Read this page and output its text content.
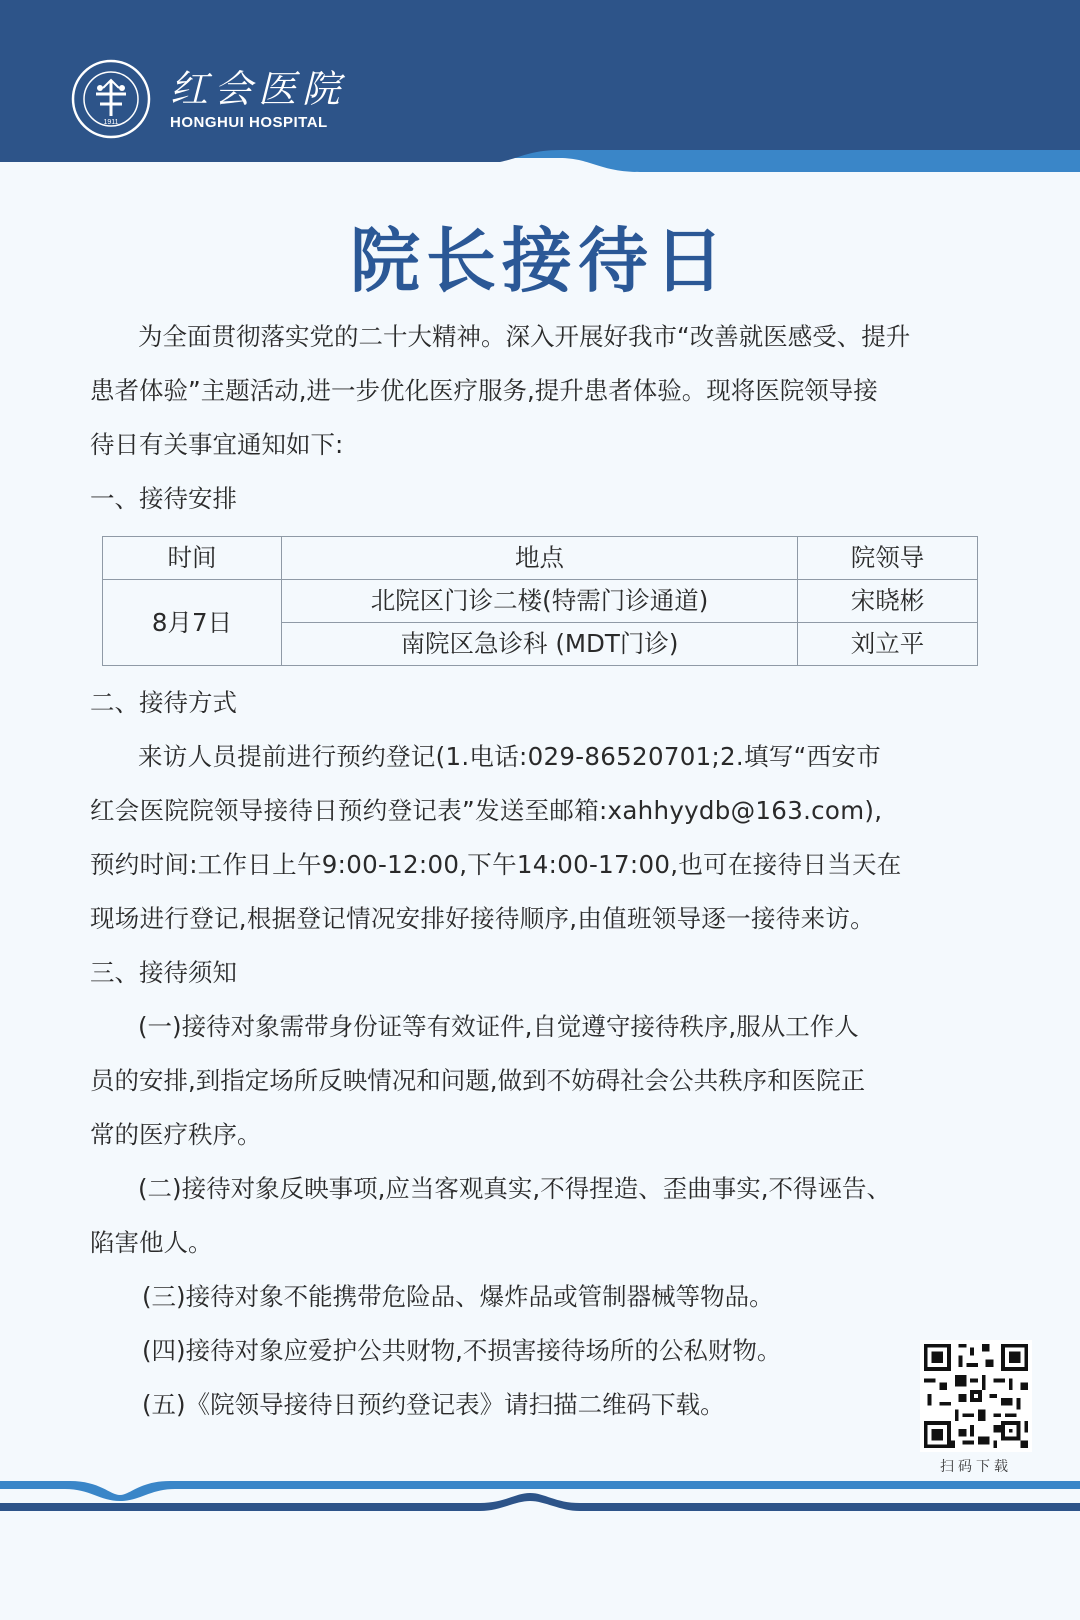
1911
红会医院
HONGHUI HOSPITAL
院长接待日

为全面贯彻落实党的二十大精神。深入开展好我市“改善就医感受、提升
患者体验”主题活动,进一步优化医疗服务,提升患者体验。现将医院领导接
待日有关事宜通知如下:

一、接待安排

时间	地点	院领导
8月7日	北院区门诊二楼(特需门诊通道)	宋晓彬
	南院区急诊科 (MDT门诊)	刘立平

二、接待方式

来访人员提前进行预约登记(1.电话:029-86520701;2.填写“西安市
红会医院院领导接待日预约登记表”发送至邮箱:xahhyydb@163.com),
预约时间:工作日上午9:00-12:00,下午14:00-17:00,也可在接待日当天在
现场进行登记,根据登记情况安排好接待顺序,由值班领导逐一接待来访。

三、接待须知

(一)接待对象需带身份证等有效证件,自觉遵守接待秩序,服从工作人
员的安排,到指定场所反映情况和问题,做到不妨碍社会公共秩序和医院正
常的医疗秩序。

(二)接待对象反映事项,应当客观真实,不得捏造、歪曲事实,不得诬告、
陷害他人。

(三)接待对象不能携带危险品、爆炸品或管制器械等物品。

(四)接待对象应爱护公共财物,不损害接待场所的公私财物。

(五)《院领导接待日预约登记表》请扫描二维码下载。

扫码下载
